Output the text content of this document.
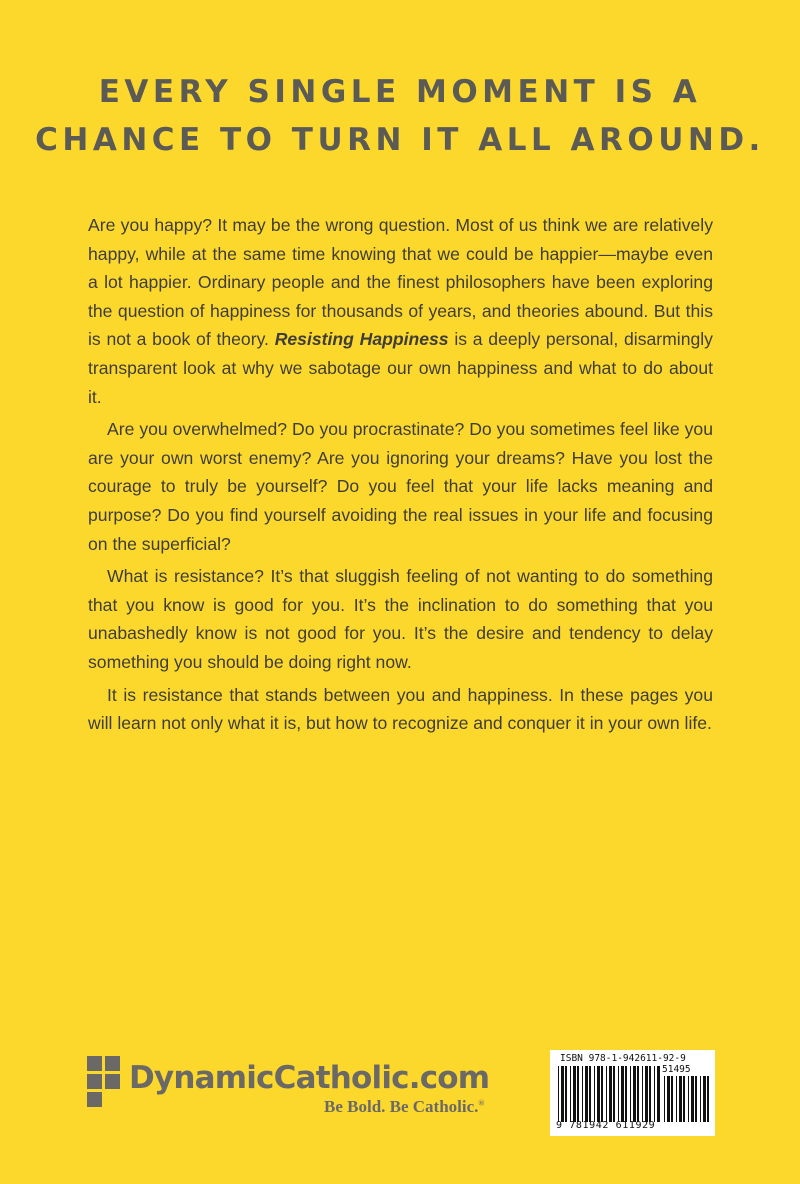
EVERY SINGLE MOMENT IS A
CHANCE TO TURN IT ALL AROUND.

Are you happy? It may be the wrong question. Most of us think we are relatively happy, while at the same time knowing that we could be happier—maybe even a lot happier. Ordinary people and the finest philosophers have been exploring the question of happiness for thousands of years, and theories abound. But this is not a book of theory. Resisting Happiness is a deeply personal, disarmingly transparent look at why we sabotage our own happiness and what to do about it.

Are you overwhelmed? Do you procrastinate? Do you sometimes feel like you are your own worst enemy? Are you ignoring your dreams? Have you lost the courage to truly be yourself? Do you feel that your life lacks meaning and purpose? Do you find yourself avoiding the real issues in your life and focusing on the superficial?

What is resistance? It’s that sluggish feeling of not wanting to do something that you know is good for you. It’s the inclination to do something that you unabashedly know is not good for you. It’s the desire and tendency to delay something you should be doing right now.

It is resistance that stands between you and happiness. In these pages you will learn not only what it is, but how to recognize and conquer it in your own life.

DynamicCatholic.com
Be Bold. Be Catholic.®
ISBN 978-1-942611-92-9
51495
9 781942 611929
